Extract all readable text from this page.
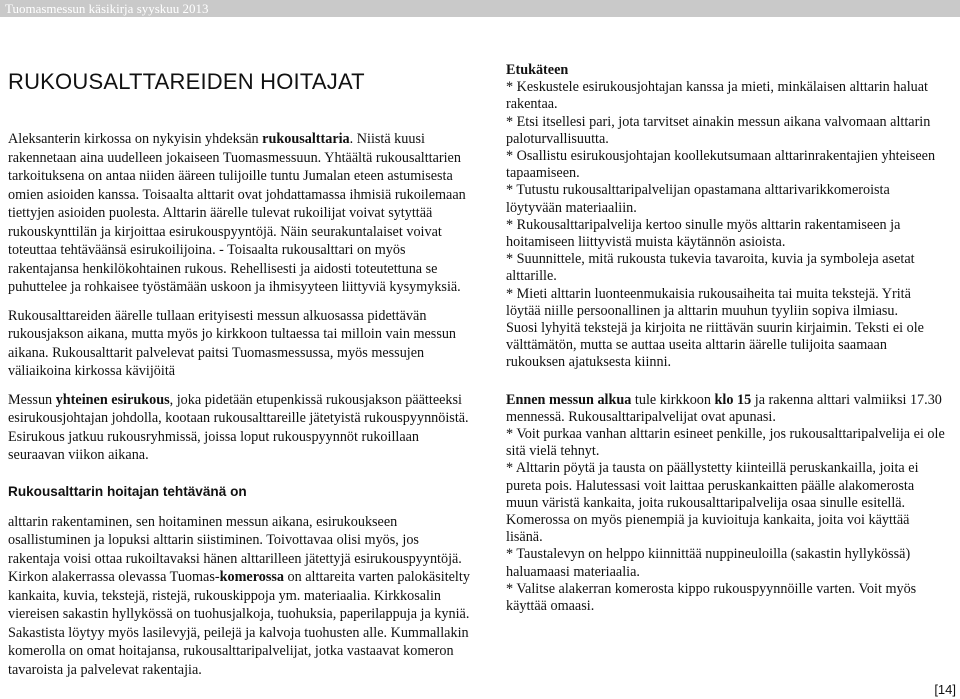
Tuomasmessun käsikirja syyskuu 2013
RUKOUSALTTAREIDEN HOITAJAT

Aleksanterin kirkossa on nykyisin yhdeksän rukousalttaria. Niistä kuusi rakennetaan aina uudelleen jokaiseen Tuomasmessuun. Yhtäältä rukousalttarien tarkoituksena on antaa niiden ääreen tulijoille tuntu Jumalan eteen astumisesta omien asioiden kanssa. Toisaalta alttarit ovat johdattamassa ihmisiä rukoilemaan tiettyjen asioiden puolesta. Alttarin äärelle tulevat rukoilijat voivat sytyttää rukouskynttilän ja kirjoittaa esirukouspyyntöjä. Näin seurakuntalaiset voivat toteuttaa tehtäväänsä esirukoilijoina. - Toisaalta rukousalttari on myös rakentajansa henkilökohtainen rukous. Rehellisesti ja aidosti toteutettuna se puhuttelee ja rohkaisee työstämään uskoon ja ihmisyyteen liittyviä kysymyksiä.

Rukousalttareiden äärelle tullaan erityisesti messun alkuosassa pidettävän rukousjakson aikana, mutta myös jo kirkkoon tultaessa tai milloin vain messun aikana. Rukousalttarit palvelevat paitsi Tuomasmessussa, myös messujen väliaikoina kirkossa kävijöitä

Messun yhteinen esirukous, joka pidetään etupenkissä rukousjakson päätteeksi esirukousjohtajan johdolla, kootaan rukousalttareille jätetyistä rukouspyynnöistä. Esirukous jatkuu rukousryhmissä, joissa loput rukouspyynnöt rukoillaan seuraavan viikon aikana.

Rukousalttarin hoitajan tehtävänä on

alttarin rakentaminen, sen hoitaminen messun aikana, esirukoukseen osallistuminen ja lopuksi alttarin siistiminen. Toivottavaa olisi myös, jos rakentaja voisi ottaa rukoiltavaksi hänen alttarilleen jätettyjä esirukouspyyntöjä. Kirkon alakerrassa olevassa Tuomas-komerossa on alttareita varten palokäsitelty kankaita, kuvia, tekstejä, ristejä, rukouskippoja ym. materiaalia. Kirkkosalin viereisen sakastin hyllykössä on tuohusjalkoja, tuohuksia, paperilappuja ja kyniä. Sakastista löytyy myös lasilevyjä, peilejä ja kalvoja tuohusten alle. Kummallakin komerolla on omat hoitajansa, rukousalttaripalvelijat, jotka vastaavat komeron tavaroista ja palvelevat rakentajia.

Etukäteen

* Keskustele esirukousjohtajan kanssa ja mieti, minkälaisen alttarin haluat rakentaa.

* Etsi itsellesi pari, jota tarvitset ainakin messun aikana valvomaan alttarin paloturvallisuutta.

* Osallistu esirukousjohtajan koollekutsumaan alttarinrakentajien yhteiseen tapaamiseen.

* Tutustu rukousalttaripalvelijan opastamana alttarivarikkomeroista löytyvään materiaaliin.

* Rukousalttaripalvelija kertoo sinulle myös alttarin rakentamiseen ja hoitamiseen liittyvistä muista käytännön asioista.

* Suunnittele, mitä rukousta tukevia tavaroita, kuvia ja symboleja asetat alttarille.

* Mieti alttarin luonteenmukaisia rukousaiheita tai muita tekstejä. Yritä löytää niille persoonallinen ja alttarin muuhun tyyliin sopiva ilmiasu.

Suosi lyhyitä tekstejä ja kirjoita ne riittävän suurin kirjaimin. Teksti ei ole välttämätön, mutta se auttaa useita alttarin äärelle tulijoita saamaan rukouksen ajatuksesta kiinni.

Ennen messun alkua tule kirkkoon klo 15 ja rakenna alttari valmiiksi 17.30 mennessä. Rukousalttaripalvelijat ovat apunasi.

* Voit purkaa vanhan alttarin esineet penkille, jos rukousalttaripalvelija ei ole sitä vielä tehnyt.

* Alttarin pöytä ja tausta on päällystetty kiinteillä peruskankailla, joita ei pureta pois. Halutessasi voit laittaa peruskankaitten päälle alakomerosta muun väristä kankaita, joita rukousalttaripalvelija osaa sinulle esitellä. Komerossa on myös pienempiä ja kuvioituja kankaita, joita voi käyttää lisänä.

* Taustalevyn on helppo kiinnittää nuppineuloilla (sakastin hyllykössä) haluamaasi materiaalia.

* Valitse alakerran komerosta kippo rukouspyynnöille varten. Voit myös käyttää omaasi.

[14]
